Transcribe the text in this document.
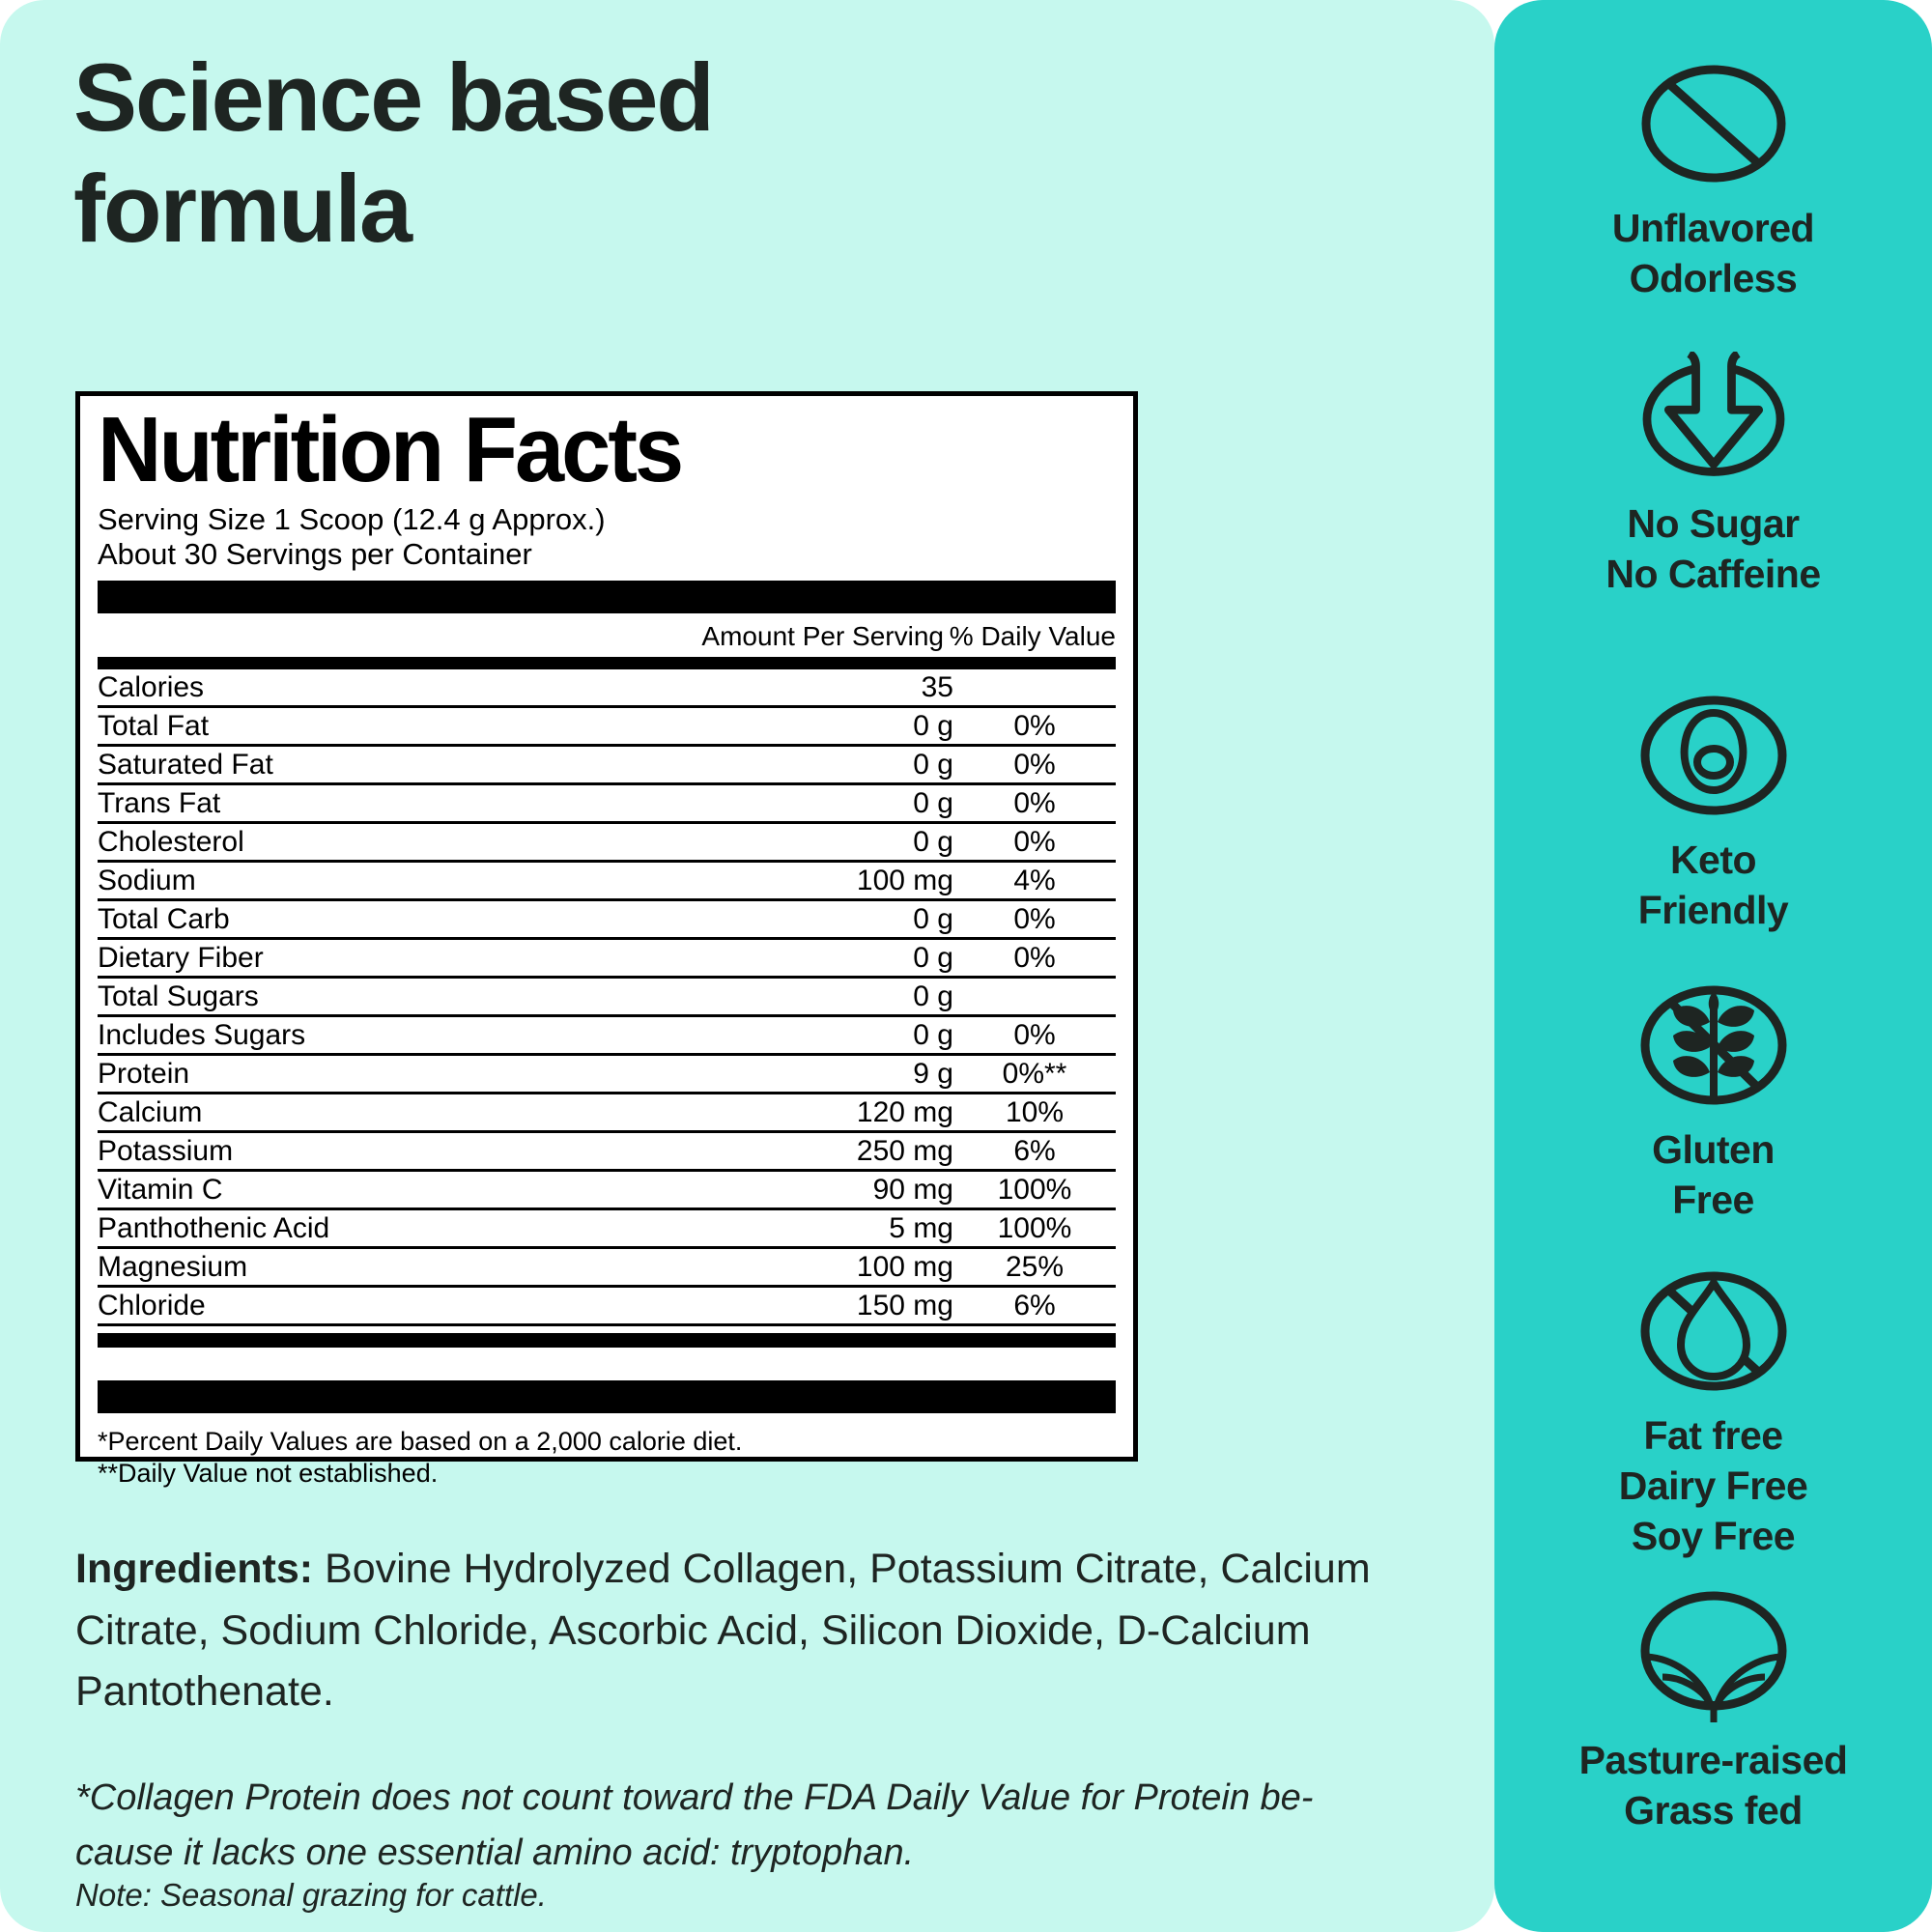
Science based
formula
Nutrition Facts
Serving Size 1 Scoop (12.4 g Approx.)
About 30 Servings per Container
Amount Per Serving % Daily Value
Calories	35
Total Fat	0 g	0%
Saturated Fat	0 g	0%
Trans Fat	0 g	0%
Cholesterol	0 g	0%
Sodium	100 mg	4%
Total Carb	0 g	0%
Dietary Fiber	0 g	0%
Total Sugars	0 g
Includes Sugars	0 g	0%
Protein	9 g	0%**
Calcium	120 mg	10%
Potassium	250 mg	6%
Vitamin C	90 mg	100%
Panthothenic Acid	5 mg	100%
Magnesium	100 mg	25%
Chloride	150 mg	6%
*Percent Daily Values are based on a 2,000 calorie diet.
**Daily Value not established.
Ingredients: Bovine Hydrolyzed Collagen, Potassium Citrate, Calcium Citrate, Sodium Chloride, Ascorbic Acid, Silicon Dioxide, D-Calcium Pantothenate.
*Collagen Protein does not count toward the FDA Daily Value for Protein be-
cause it lacks one essential amino acid: tryptophan.
Note: Seasonal grazing for cattle.
Unflavored
Odorless
No Sugar
No Caffeine
Keto
Friendly
Gluten
Free
Fat free
Dairy Free
Soy Free
Pasture-raised
Grass fed
